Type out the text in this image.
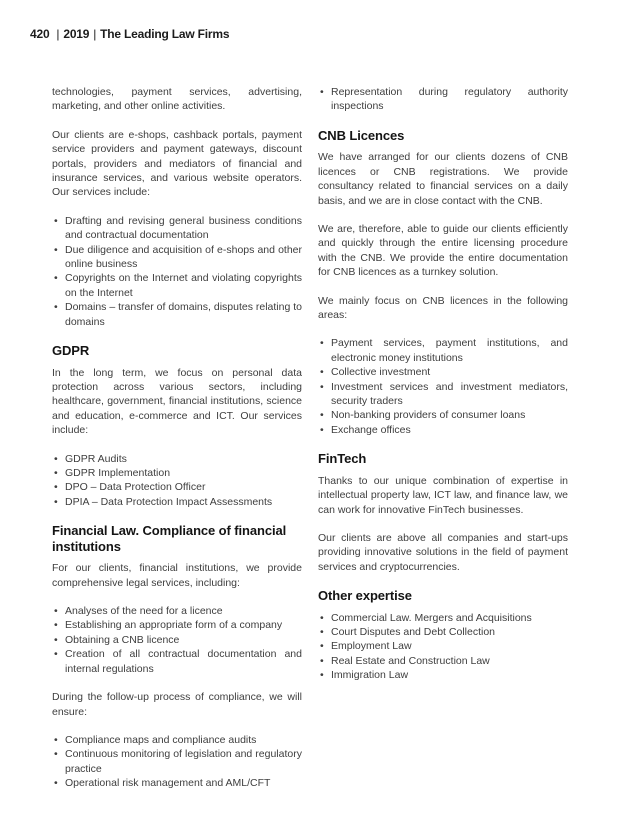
420 | 2019 | The Leading Law Firms

technologies, payment services, advertising, marketing, and other online activities.

Our clients are e-shops, cashback portals, payment service providers and payment gateways, discount portals, providers and mediators of financial and insurance services, and various website operators. Our services include:

• Drafting and revising general business conditions and contractual documentation
• Due diligence and acquisition of e-shops and other online business
• Copyrights on the Internet and violating copyrights on the Internet
• Domains – transfer of domains, disputes relating to domains
GDPR

In the long term, we focus on personal data protection across various sectors, including healthcare, government, financial institutions, science and education, e-commerce and ICT. Our services include:

• GDPR Audits
• GDPR Implementation
• DPO – Data Protection Officer
• DPIA – Data Protection Impact Assessments
Financial Law. Compliance of financial institutions

For our clients, financial institutions, we provide comprehensive legal services, including:

• Analyses of the need for a licence
• Establishing an appropriate form of a company
• Obtaining a CNB licence
• Creation of all contractual documentation and internal regulations

During the follow-up process of compliance, we will ensure:

• Compliance maps and compliance audits
• Continuous monitoring of legislation and regulatory practice
• Operational risk management and AML/CFT
• Representation during regulatory authority inspections
CNB Licences

We have arranged for our clients dozens of CNB licences or CNB registrations. We provide consultancy related to financial services on a daily basis, and we are in close contact with the CNB.

We are, therefore, able to guide our clients efficiently and quickly through the entire licensing procedure with the CNB. We provide the entire documentation for CNB licences as a turnkey solution.

We mainly focus on CNB licences in the following areas:

• Payment services, payment institutions, and electronic money institutions
• Collective investment
• Investment services and investment mediators, security traders
• Non-banking providers of consumer loans
• Exchange offices
FinTech

Thanks to our unique combination of expertise in intellectual property law, ICT law, and finance law, we can work for innovative FinTech businesses.

Our clients are above all companies and start-ups providing innovative solutions in the field of payment services and cryptocurrencies.

Other expertise
• Commercial Law. Mergers and Acquisitions
• Court Disputes and Debt Collection
• Employment Law
• Real Estate and Construction Law
• Immigration Law
